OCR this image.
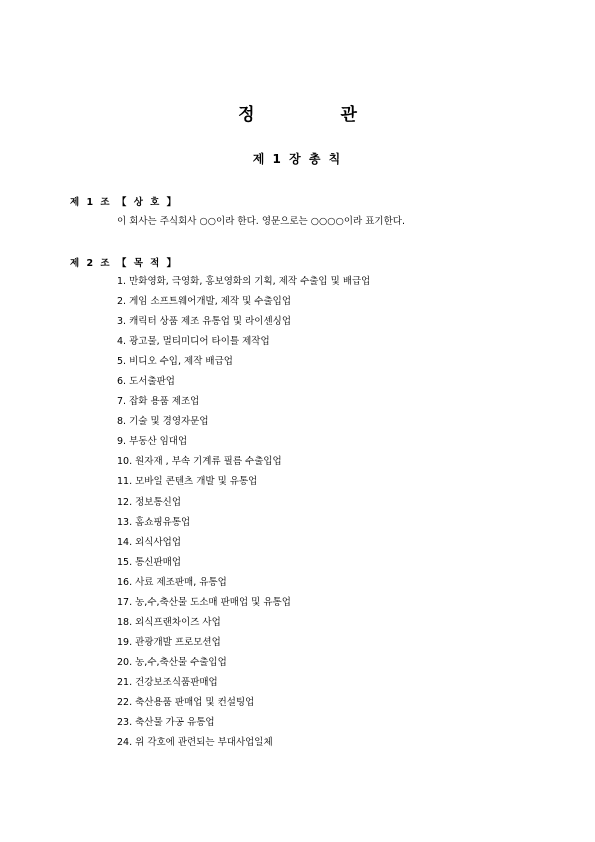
정 관
제 1 장 총 칙
제 1 조 【 상 호 】
이 회사는 주식회사 ○○이라 한다. 영문으로는 ○○○○이라 표기한다.
제 2 조 【 목 적 】
1. 만화영화, 극영화, 홍보영화의 기획, 제작 수출입 및 배급업
2. 게임 소프트웨어개발, 제작 및 수출입업
3. 캐릭터 상품 제조 유통업 및 라이센싱업
4. 광고물, 멀티미디어 타이틀 제작업
5. 비디오 수입, 제작 배급업
6. 도서출판업
7. 잡화 용품 제조업
8. 기술 및 경영자문업
9. 부동산 임대업
10. 원자재 , 부속 기계류 필름 수출입업
11. 모바일 콘텐츠 개발 및 유통업
12. 정보통신업
13. 홈쇼핑유통업
14. 외식사업업
15. 통신판매업
16. 사료 제조판매, 유통업
17. 농,수,축산물 도소매 판매업 및 유통업
18. 외식프랜차이즈 사업
19. 관광개발 프로모션업
20. 농,수,축산물 수출입업
21. 건강보조식품판매업
22. 축산용품 판매업 및 컨설팅업
23. 축산물 가공 유통업
24. 위 각호에 관련되는 부대사업일체
